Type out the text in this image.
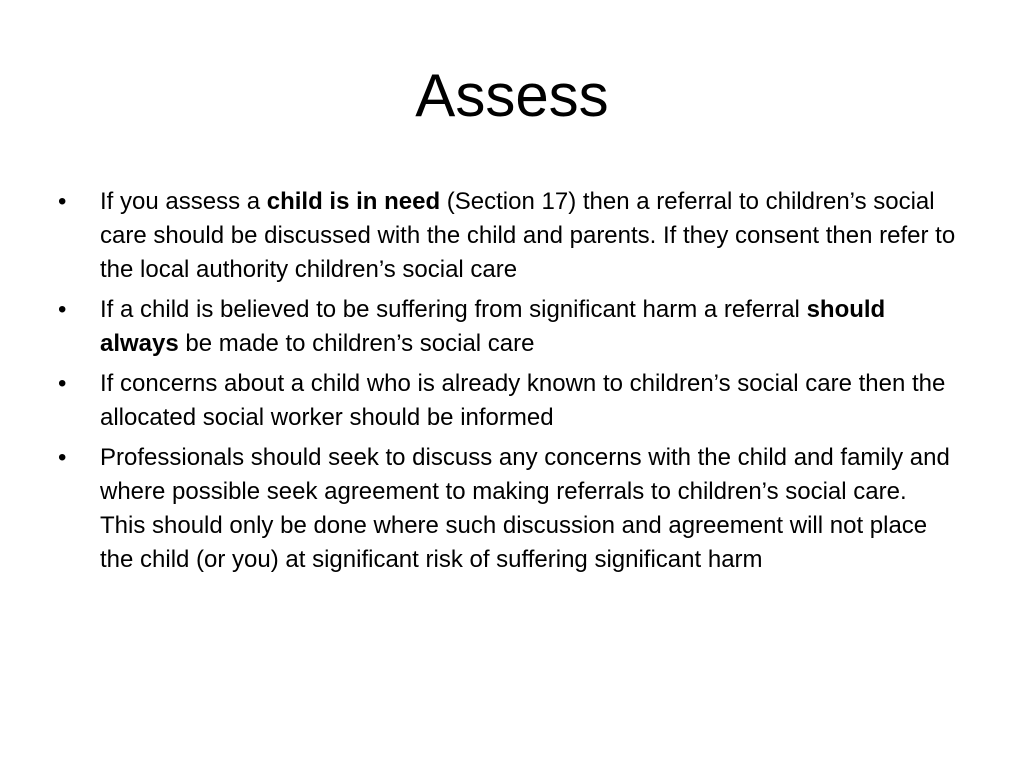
Assess
•	If you assess a child is in need (Section 17) then a referral to children’s social care should be discussed with the child and parents. If they consent then refer to the local authority children’s social care
•	If a child is believed to be suffering from significant harm a referral should always be made to children’s social care
•	If concerns about a child who is already known to children’s social care then the allocated social worker should be informed
•	Professionals should seek to discuss any concerns with the child and family and where possible seek agreement to making referrals to children’s social care. This should only be done where such discussion and agreement will not place the child (or you) at significant risk of suffering significant harm
